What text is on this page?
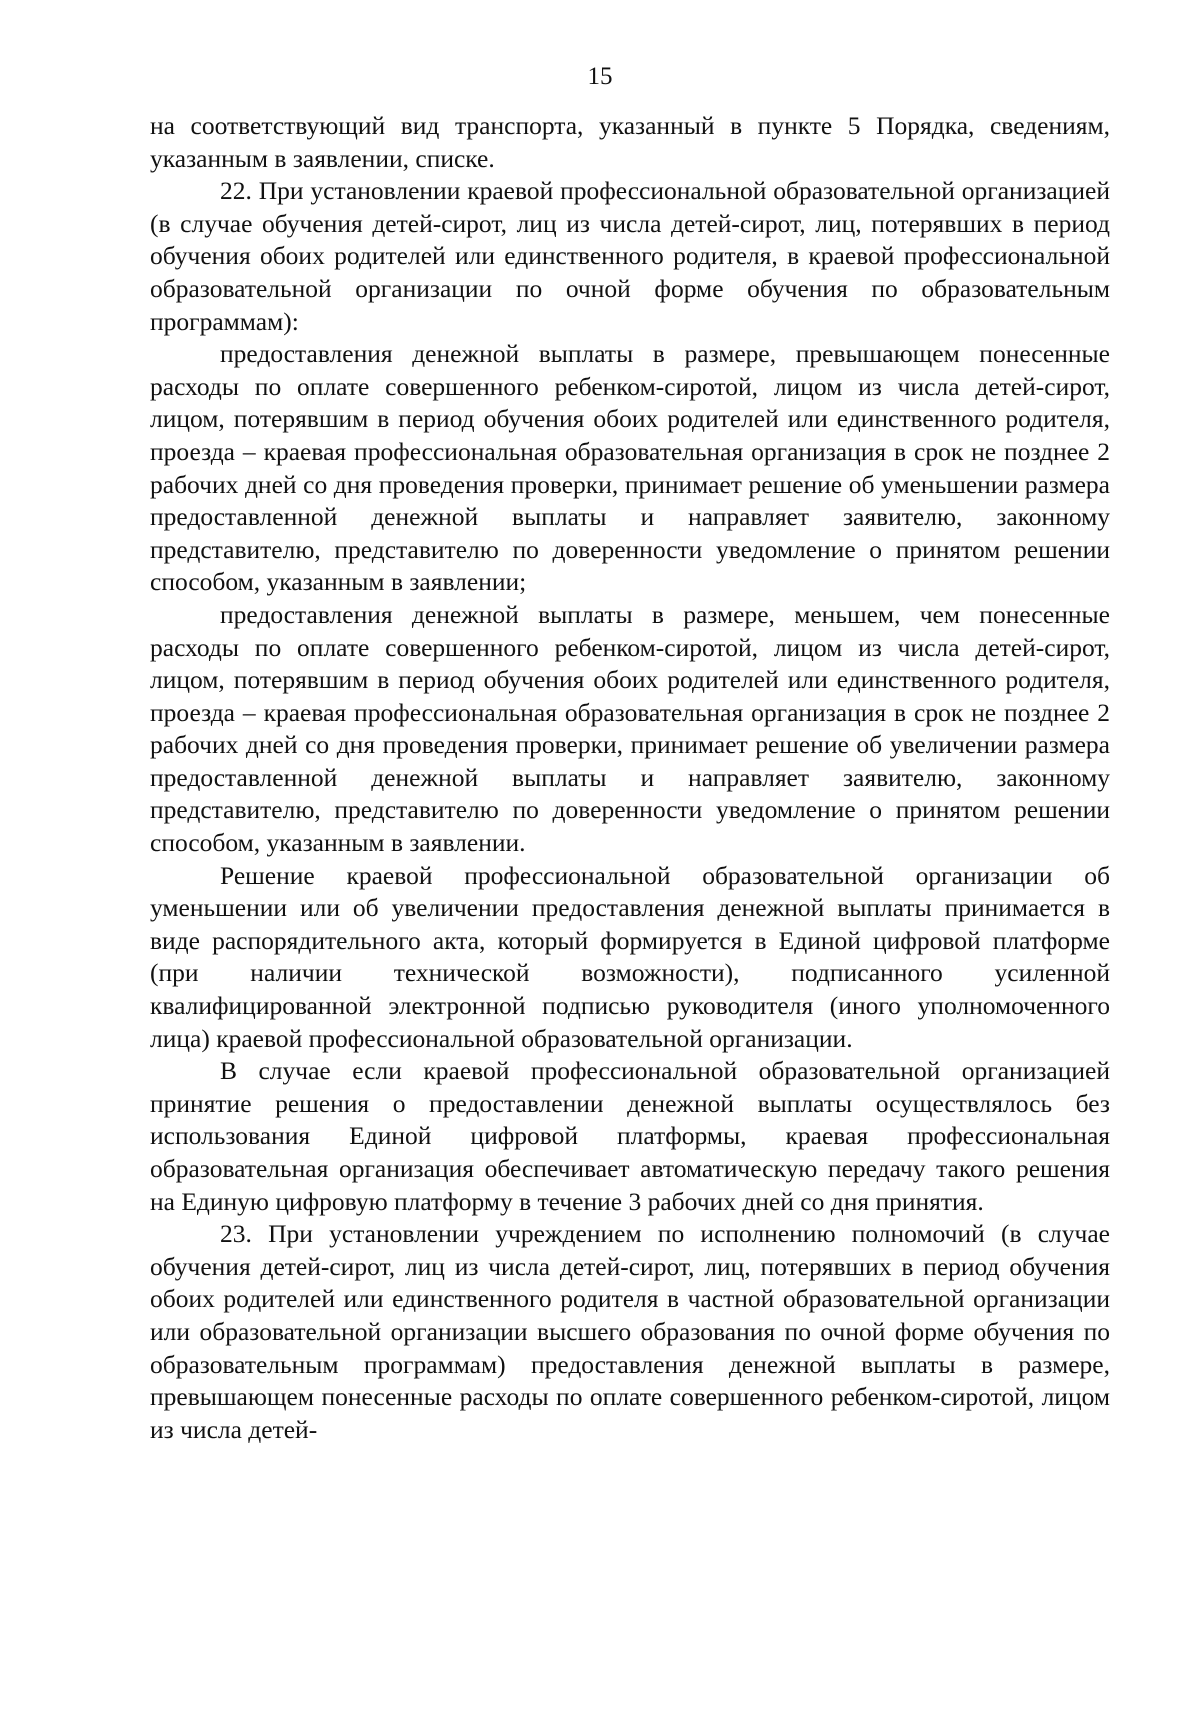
15

на соответствующий вид транспорта, указанный в пункте 5 Порядка, сведениям, указанным в заявлении, списке.

22. При установлении краевой профессиональной образовательной организацией (в случае обучения детей-сирот, лиц из числа детей-сирот, лиц, потерявших в период обучения обоих родителей или единственного родителя, в краевой профессиональной образовательной организации по очной форме обучения по образовательным программам):

предоставления денежной выплаты в размере, превышающем понесенные расходы по оплате совершенного ребенком-сиротой, лицом из числа детей-сирот, лицом, потерявшим в период обучения обоих родителей или единственного родителя, проезда – краевая профессиональная образовательная организация в срок не позднее 2 рабочих дней со дня проведения проверки, принимает решение об уменьшении размера предоставленной денежной выплаты и направляет заявителю, законному представителю, представителю по доверенности уведомление о принятом решении способом, указанным в заявлении;

предоставления денежной выплаты в размере, меньшем, чем понесенные расходы по оплате совершенного ребенком-сиротой, лицом из числа детей-сирот, лицом, потерявшим в период обучения обоих родителей или единственного родителя, проезда – краевая профессиональная образовательная организация в срок не позднее 2 рабочих дней со дня проведения проверки, принимает решение об увеличении размера предоставленной денежной выплаты и направляет заявителю, законному представителю, представителю по доверенности уведомление о принятом решении способом, указанным в заявлении.

Решение краевой профессиональной образовательной организации об уменьшении или об увеличении предоставления денежной выплаты принимается в виде распорядительного акта, который формируется в Единой цифровой платформе (при наличии технической возможности), подписанного усиленной квалифицированной электронной подписью руководителя (иного уполномоченного лица) краевой профессиональной образовательной организации.

В случае если краевой профессиональной образовательной организацией принятие решения о предоставлении денежной выплаты осуществлялось без использования Единой цифровой платформы, краевая профессиональная образовательная организация обеспечивает автоматическую передачу такого решения на Единую цифровую платформу в течение 3 рабочих дней со дня принятия.

23. При установлении учреждением по исполнению полномочий (в случае обучения детей-сирот, лиц из числа детей-сирот, лиц, потерявших в период обучения обоих родителей или единственного родителя в частной образовательной организации или образовательной организации высшего образования по очной форме обучения по образовательным программам) предоставления денежной выплаты в размере, превышающем понесенные расходы по оплате совершенного ребенком-сиротой, лицом из числа детей-
